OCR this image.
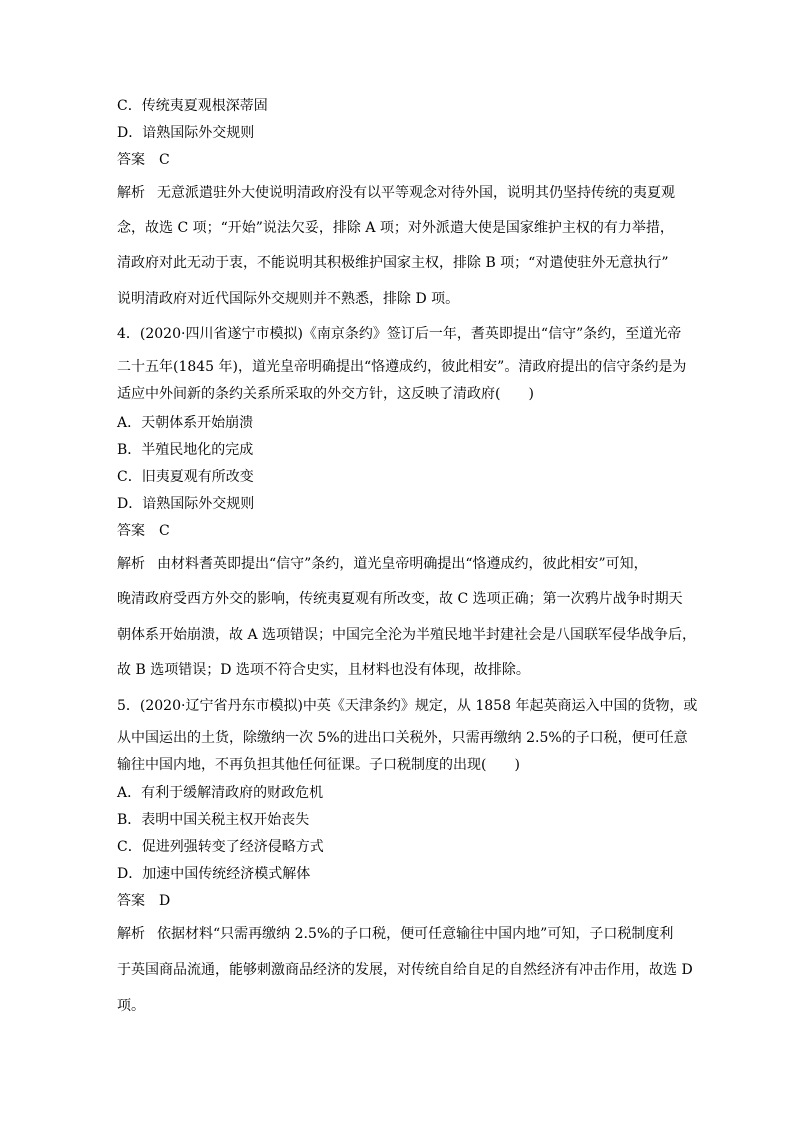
C．传统夷夏观根深蒂固
D．谙熟国际外交规则
答案 C
解析 无意派遣驻外大使说明清政府没有以平等观念对待外国，说明其仍坚持传统的夷夏观
念，故选 C 项；“开始”说法欠妥，排除 A 项；对外派遣大使是国家维护主权的有力举措，
清政府对此无动于衷，不能说明其积极维护国家主权，排除 B 项；“对遣使驻外无意执行”
说明清政府对近代国际外交规则并不熟悉，排除 D 项。
4．(2020·四川省遂宁市模拟)《南京条约》签订后一年，耆英即提出“信守”条约，至道光帝
二十五年(1845 年)，道光皇帝明确提出“恪遵成约，彼此相安”。清政府提出的信守条约是为
适应中外间新的条约关系所采取的外交方针，这反映了清政府(　　)
A．天朝体系开始崩溃
B．半殖民地化的完成
C．旧夷夏观有所改变
D．谙熟国际外交规则
答案 C
解析 由材料耆英即提出“信守”条约，道光皇帝明确提出“恪遵成约，彼此相安”可知，
晚清政府受西方外交的影响，传统夷夏观有所改变，故 C 选项正确；第一次鸦片战争时期天
朝体系开始崩溃，故 A 选项错误；中国完全沦为半殖民地半封建社会是八国联军侵华战争后，
故 B 选项错误；D 选项不符合史实，且材料也没有体现，故排除。
5．(2020·辽宁省丹东市模拟)中英《天津条约》规定，从 1858 年起英商运入中国的货物，或
从中国运出的土货，除缴纳一次 5%的进出口关税外，只需再缴纳 2.5%的子口税，便可任意
输往中国内地，不再负担其他任何征课。子口税制度的出现(　　)
A．有利于缓解清政府的财政危机
B．表明中国关税主权开始丧失
C．促进列强转变了经济侵略方式
D．加速中国传统经济模式解体
答案 D
解析 依据材料“只需再缴纳 2.5%的子口税，便可任意输往中国内地”可知，子口税制度利
于英国商品流通，能够刺激商品经济的发展，对传统自给自足的自然经济有冲击作用，故选 D
项。
